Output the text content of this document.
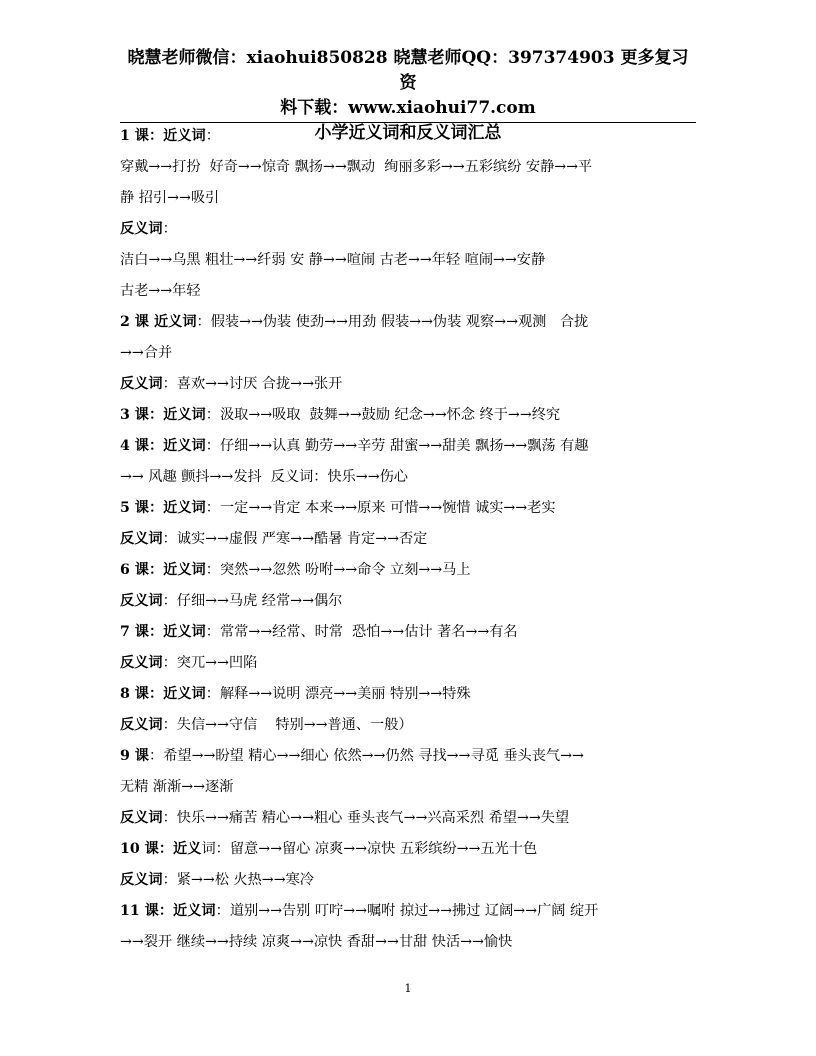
晓慧老师微信：xiaohui850828 晓慧老师QQ：397374903 更多复习资
料下载：www.xiaohui77.com
小学近义词和反义词汇总
1 课：近义词：
穿戴→→打扮  好奇→→惊奇 飘扬→→飘动  绚丽多彩→→五彩缤纷 安静→→平
静 招引→→吸引
反义词：
洁白→→乌黑 粗壮→→纤弱 安 静→→喧闹 古老→→年轻 喧闹→→安静
古老→→年轻
2 课 近义词：假装→→伪装 使劲→→用劲 假装→→伪装 观察→→观测   合拢
→→合并
反义词：喜欢→→讨厌 合拢→→张开
3 课：近义词：汲取→→吸取  鼓舞→→鼓励 纪念→→怀念 终于→→终究
4 课：近义词：仔细→→认真 勤劳→→辛劳 甜蜜→→甜美 飘扬→→飘荡 有趣
→→ 风趣 颤抖→→发抖  反义词：快乐→→伤心
5 课：近义词：一定→→肯定 本来→→原来 可惜→→惋惜 诚实→→老实
反义词：诚实→→虚假 严寒→→酷暑 肯定→→否定
6 课：近义词：突然→→忽然 吩咐→→命令 立刻→→马上
反义词：仔细→→马虎 经常→→偶尔
7 课：近义词：常常→→经常、时常  恐怕→→估计 著名→→有名
反义词：突兀→→凹陷
8 课：近义词：解释→→说明 漂亮→→美丽 特别→→特殊
反义词：失信→→守信    特别→→普通、一般）
9 课：希望→→盼望 精心→→细心 依然→→仍然 寻找→→寻觅 垂头丧气→→
无精 渐渐→→逐渐
反义词：快乐→→痛苦 精心→→粗心 垂头丧气→→兴高采烈 希望→→失望
10 课：近义词：留意→→留心 凉爽→→凉快 五彩缤纷→→五光十色
反义词：紧→→松 火热→→寒冷
11 课：近义词：道别→→告别 叮咛→→嘱咐 掠过→→拂过 辽阔→→广阔 绽开
→→裂开 继续→→持续 凉爽→→凉快 香甜→→甘甜 快活→→愉快
1
